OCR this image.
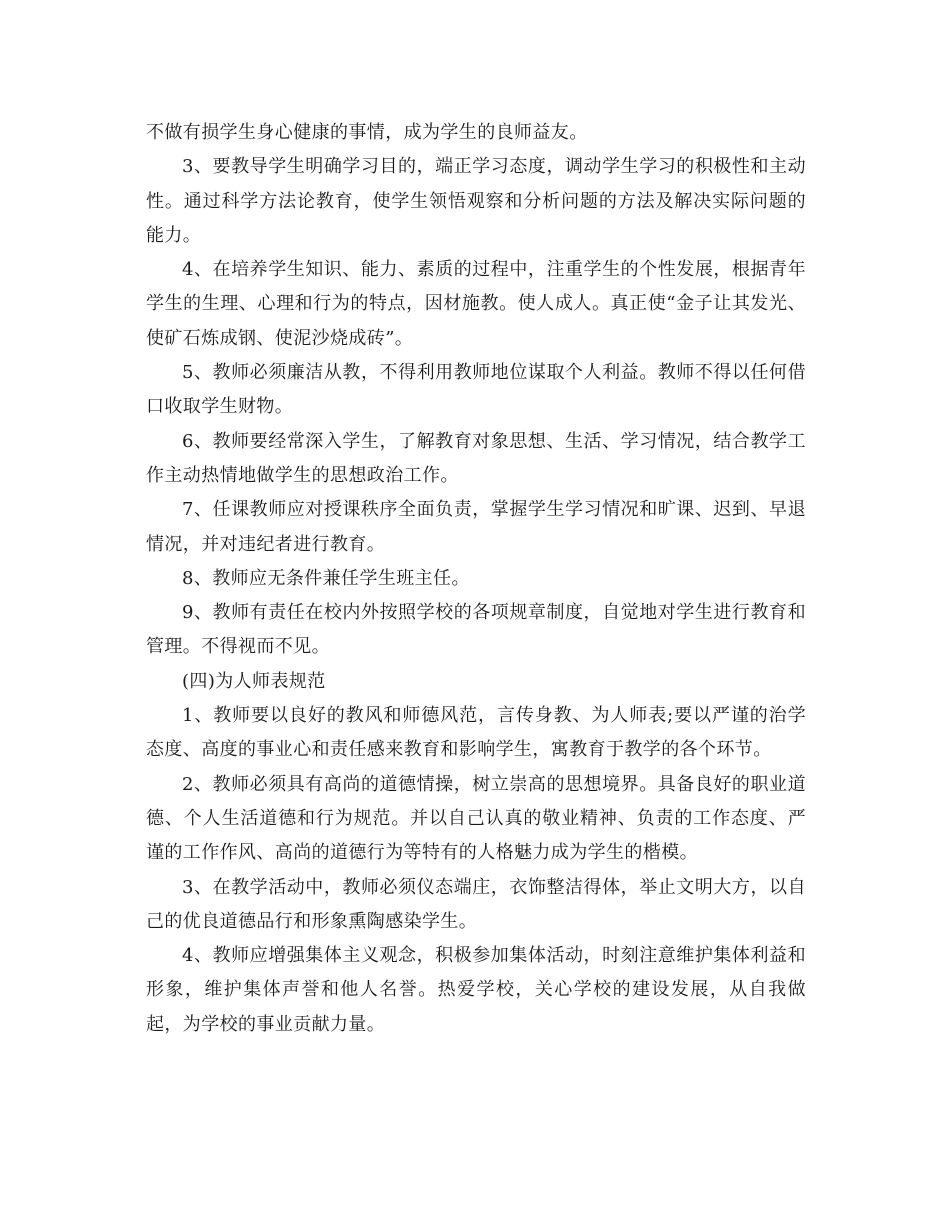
不做有损学生身心健康的事情，成为学生的良师益友。

3、要教导学生明确学习目的，端正学习态度，调动学生学习的积极性和主动性。通过科学方法论教育，使学生领悟观察和分析问题的方法及解决实际问题的能力。

4、在培养学生知识、能力、素质的过程中，注重学生的个性发展，根据青年学生的生理、心理和行为的特点，因材施教。使人成人。真正使“金子让其发光、使矿石炼成钢、使泥沙烧成砖”。

5、教师必须廉洁从教，不得利用教师地位谋取个人利益。教师不得以任何借口收取学生财物。

6、教师要经常深入学生，了解教育对象思想、生活、学习情况，结合教学工作主动热情地做学生的思想政治工作。

7、任课教师应对授课秩序全面负责，掌握学生学习情况和旷课、迟到、早退情况，并对违纪者进行教育。

8、教师应无条件兼任学生班主任。

9、教师有责任在校内外按照学校的各项规章制度，自觉地对学生进行教育和管理。不得视而不见。

(四)为人师表规范

1、教师要以良好的教风和师德风范，言传身教、为人师表;要以严谨的治学态度、高度的事业心和责任感来教育和影响学生，寓教育于教学的各个环节。

2、教师必须具有高尚的道德情操，树立崇高的思想境界。具备良好的职业道德、个人生活道德和行为规范。并以自己认真的敬业精神、负责的工作态度、严谨的工作作风、高尚的道德行为等特有的人格魅力成为学生的楷模。

3、在教学活动中，教师必须仪态端庄，衣饰整洁得体，举止文明大方，以自己的优良道德品行和形象熏陶感染学生。

4、教师应增强集体主义观念，积极参加集体活动，时刻注意维护集体利益和形象，维护集体声誉和他人名誉。热爱学校，关心学校的建设发展，从自我做起，为学校的事业贡献力量。
